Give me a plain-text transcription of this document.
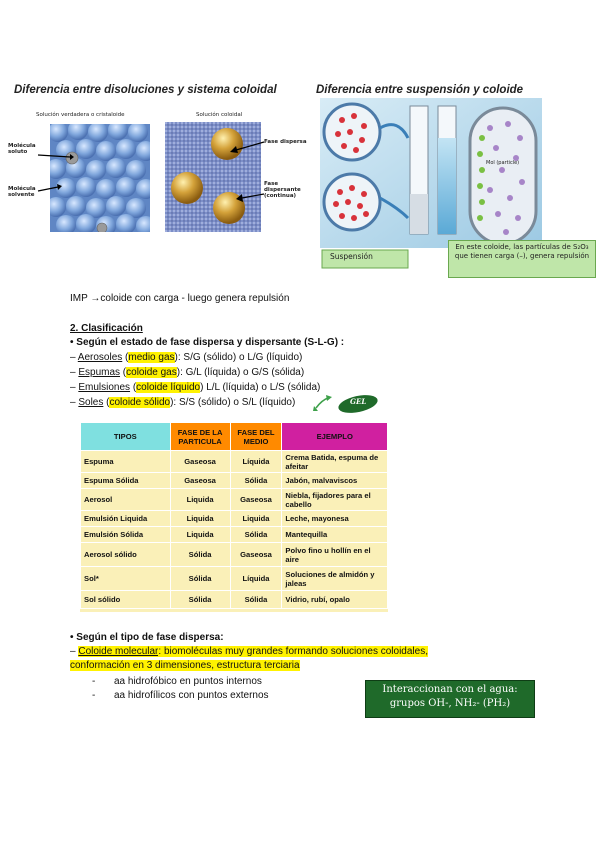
Diferencia entre disoluciones y sistema coloidal
Solución verdadera o cristaloide
Molécula soluto
Molécula solvente
Solución coloidal
Fase dispersa
Fase dispersante (continua)
Diferencia entre suspensión y coloide
Suspensión
Mol (particle)
En este coloide, las partículas de S₂O₃ que tienen carga (–), genera repulsión
IMP →coloide con carga - luego genera repulsión
2. Clasificación
• Según el estado de fase dispersa y dispersante (S-L-G) :
– Aerosoles (medio gas): S/G (sólido) o L/G (líquido)
– Espumas (coloide gas): G/L (líquida) o G/S (sólida)
– Emulsiones (coloide líquido) L/L (líquida) o L/S (sólida)
– Soles (coloide sólido): S/S (sólido) o S/L (líquido)	GEL
TIPOS	FASE DE LA PARTICULA	FASE DEL MEDIO	EJEMPLO
Espuma	Gaseosa	Líquida	Crema Batida, espuma de afeitar
Espuma Sólida	Gaseosa	Sólida	Jabón, malvaviscos
Aerosol	Liquida	Gaseosa	Niebla, fijadores para el cabello
Emulsión Liquida	Liquida	Liquida	Leche, mayonesa
Emulsión Sólida	Liquida	Sólida	Mantequilla
Aerosol sólido	Sólida	Gaseosa	Polvo fino u hollín en el aire
Sol*	Sólida	Líquida	Soluciones de almidón y jaleas
Sol sólido	Sólida	Sólida	Vidrio, rubí, opalo
• Según el tipo de fase dispersa:
– Coloide molecular: biomoléculas muy grandes formando soluciones coloidales,
conformación en 3 dimensiones, estructura terciaria
- aa hidrofóbico en puntos internos
- aa hidrofílicos con puntos externos
Interaccionan con el agua:
grupos OH-, NH₂- (PH₂)
